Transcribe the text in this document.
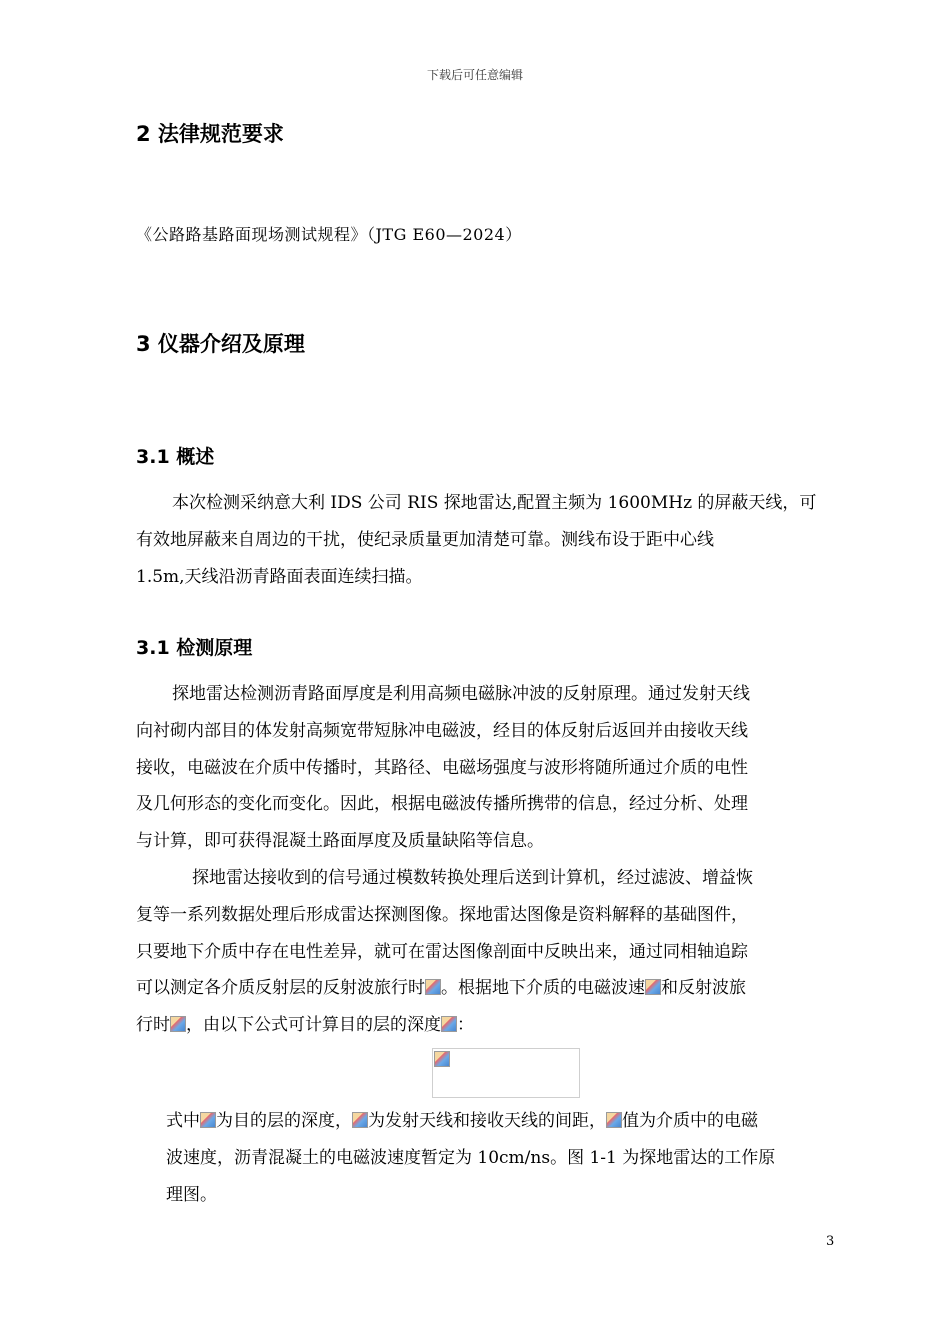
下载后可任意编辑
2 法律规范要求
《公路路基路面现场测试规程》（JTG E60—2024）
3 仪器介绍及原理
3.1 概述
本次检测采纳意大利 IDS 公司 RIS 探地雷达,配置主频为 1600MHz 的屏蔽天线，可
有效地屏蔽来自周边的干扰，使纪录质量更加清楚可靠。测线布设于距中心线
1.5m,天线沿沥青路面表面连续扫描。
3.1 检测原理
探地雷达检测沥青路面厚度是利用高频电磁脉冲波的反射原理。通过发射天线
向衬砌内部目的体发射高频宽带短脉冲电磁波，经目的体反射后返回并由接收天线
接收，电磁波在介质中传播时，其路径、电磁场强度与波形将随所通过介质的电性
及几何形态的变化而变化。因此，根据电磁波传播所携带的信息，经过分析、处理
与计算，即可获得混凝土路面厚度及质量缺陷等信息。
探地雷达接收到的信号通过模数转换处理后送到计算机，经过滤波、增益恢
复等一系列数据处理后形成雷达探测图像。探地雷达图像是资料解释的基础图件，
只要地下介质中存在电性差异，就可在雷达图像剖面中反映出来，通过同相轴追踪
可以测定各介质反射层的反射波旅行时 。根据地下介质的电磁波速 和反射波旅
行时 ，由以下公式可计算目的层的深度 ：
式中 为目的层的深度， 为发射天线和接收天线的间距， 值为介质中的电磁
波速度，沥青混凝土的电磁波速度暂定为 10cm/ns。图 1-1 为探地雷达的工作原
理图。
3
